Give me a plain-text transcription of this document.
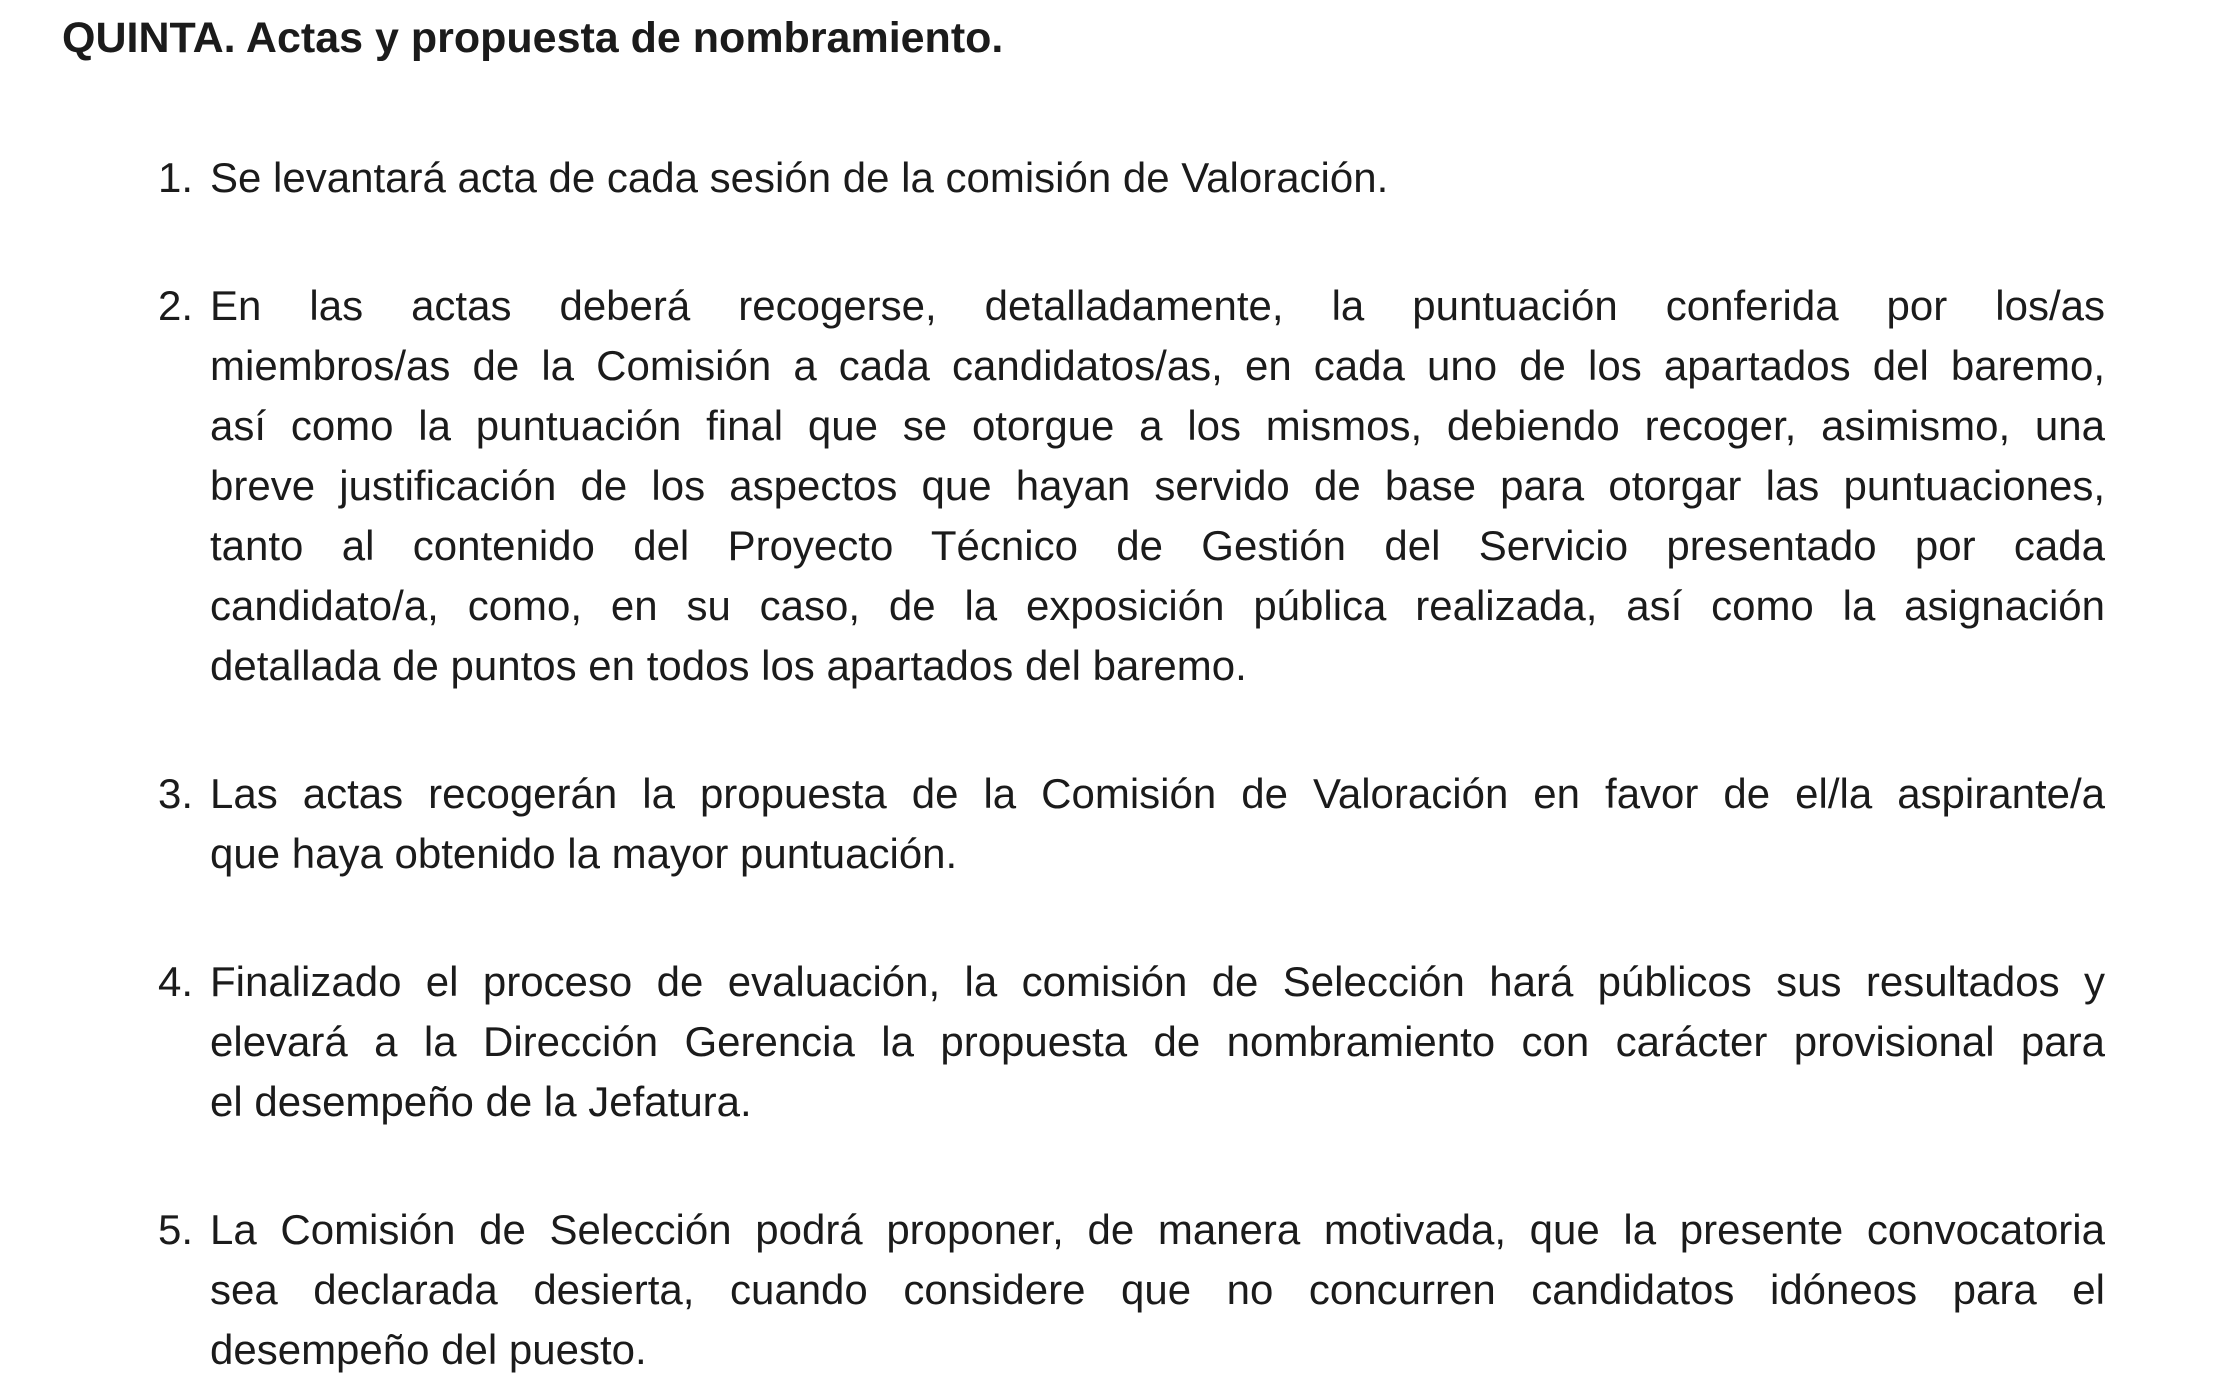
QUINTA. Actas y propuesta de nombramiento.
1. Se levantará acta de cada sesión de la comisión de Valoración.
2. En las actas deberá recogerse, detalladamente, la puntuación conferida por los/as
miembros/as de la Comisión a cada candidatos/as, en cada uno de los apartados del baremo,
así como la puntuación final que se otorgue a los mismos, debiendo recoger, asimismo, una
breve justificación de los aspectos que hayan servido de base para otorgar las puntuaciones,
tanto al contenido del Proyecto Técnico de Gestión del Servicio presentado por cada
candidato/a, como, en su caso, de la exposición pública realizada, así como la asignación
detallada de puntos en todos los apartados del baremo.
3. Las actas recogerán la propuesta de la Comisión de Valoración en favor de el/la aspirante/a
que haya obtenido la mayor puntuación.
4. Finalizado el proceso de evaluación, la comisión de Selección hará públicos sus resultados y
elevará a la Dirección Gerencia la propuesta de nombramiento con carácter provisional para
el desempeño de la Jefatura.
5. La Comisión de Selección podrá proponer, de manera motivada, que la presente convocatoria
sea declarada desierta, cuando considere que no concurren candidatos idóneos para el
desempeño del puesto.
